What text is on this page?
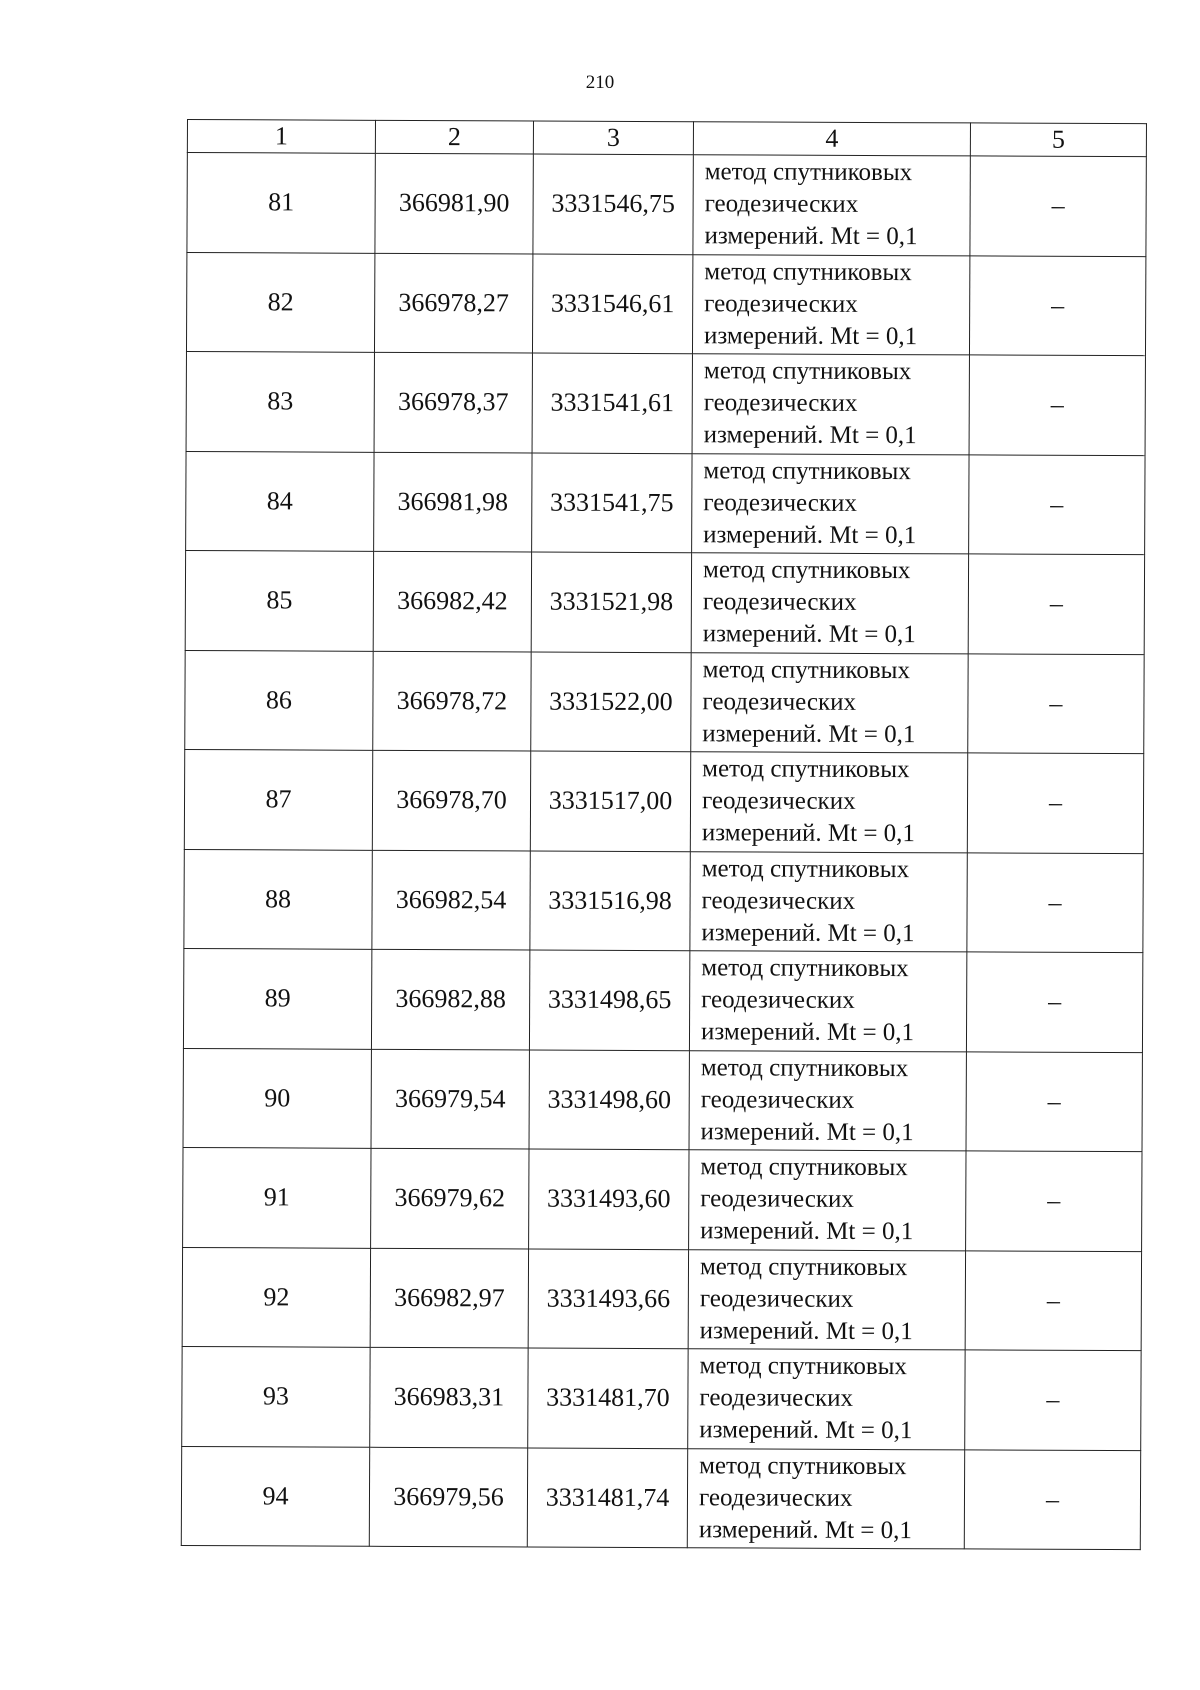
210
1	2	3	4	5
81	366981,90	3331546,75	метод спутниковых
геодезических
измерений. Mt = 0,1	–
82	366978,27	3331546,61	метод спутниковых
геодезических
измерений. Mt = 0,1	–
83	366978,37	3331541,61	метод спутниковых
геодезических
измерений. Mt = 0,1	–
84	366981,98	3331541,75	метод спутниковых
геодезических
измерений. Mt = 0,1	–
85	366982,42	3331521,98	метод спутниковых
геодезических
измерений. Mt = 0,1	–
86	366978,72	3331522,00	метод спутниковых
геодезических
измерений. Mt = 0,1	–
87	366978,70	3331517,00	метод спутниковых
геодезических
измерений. Mt = 0,1	–
88	366982,54	3331516,98	метод спутниковых
геодезических
измерений. Mt = 0,1	–
89	366982,88	3331498,65	метод спутниковых
геодезических
измерений. Mt = 0,1	–
90	366979,54	3331498,60	метод спутниковых
геодезических
измерений. Mt = 0,1	–
91	366979,62	3331493,60	метод спутниковых
геодезических
измерений. Mt = 0,1	–
92	366982,97	3331493,66	метод спутниковых
геодезических
измерений. Mt = 0,1	–
93	366983,31	3331481,70	метод спутниковых
геодезических
измерений. Mt = 0,1	–
94	366979,56	3331481,74	метод спутниковых
геодезических
измерений. Mt = 0,1	–
